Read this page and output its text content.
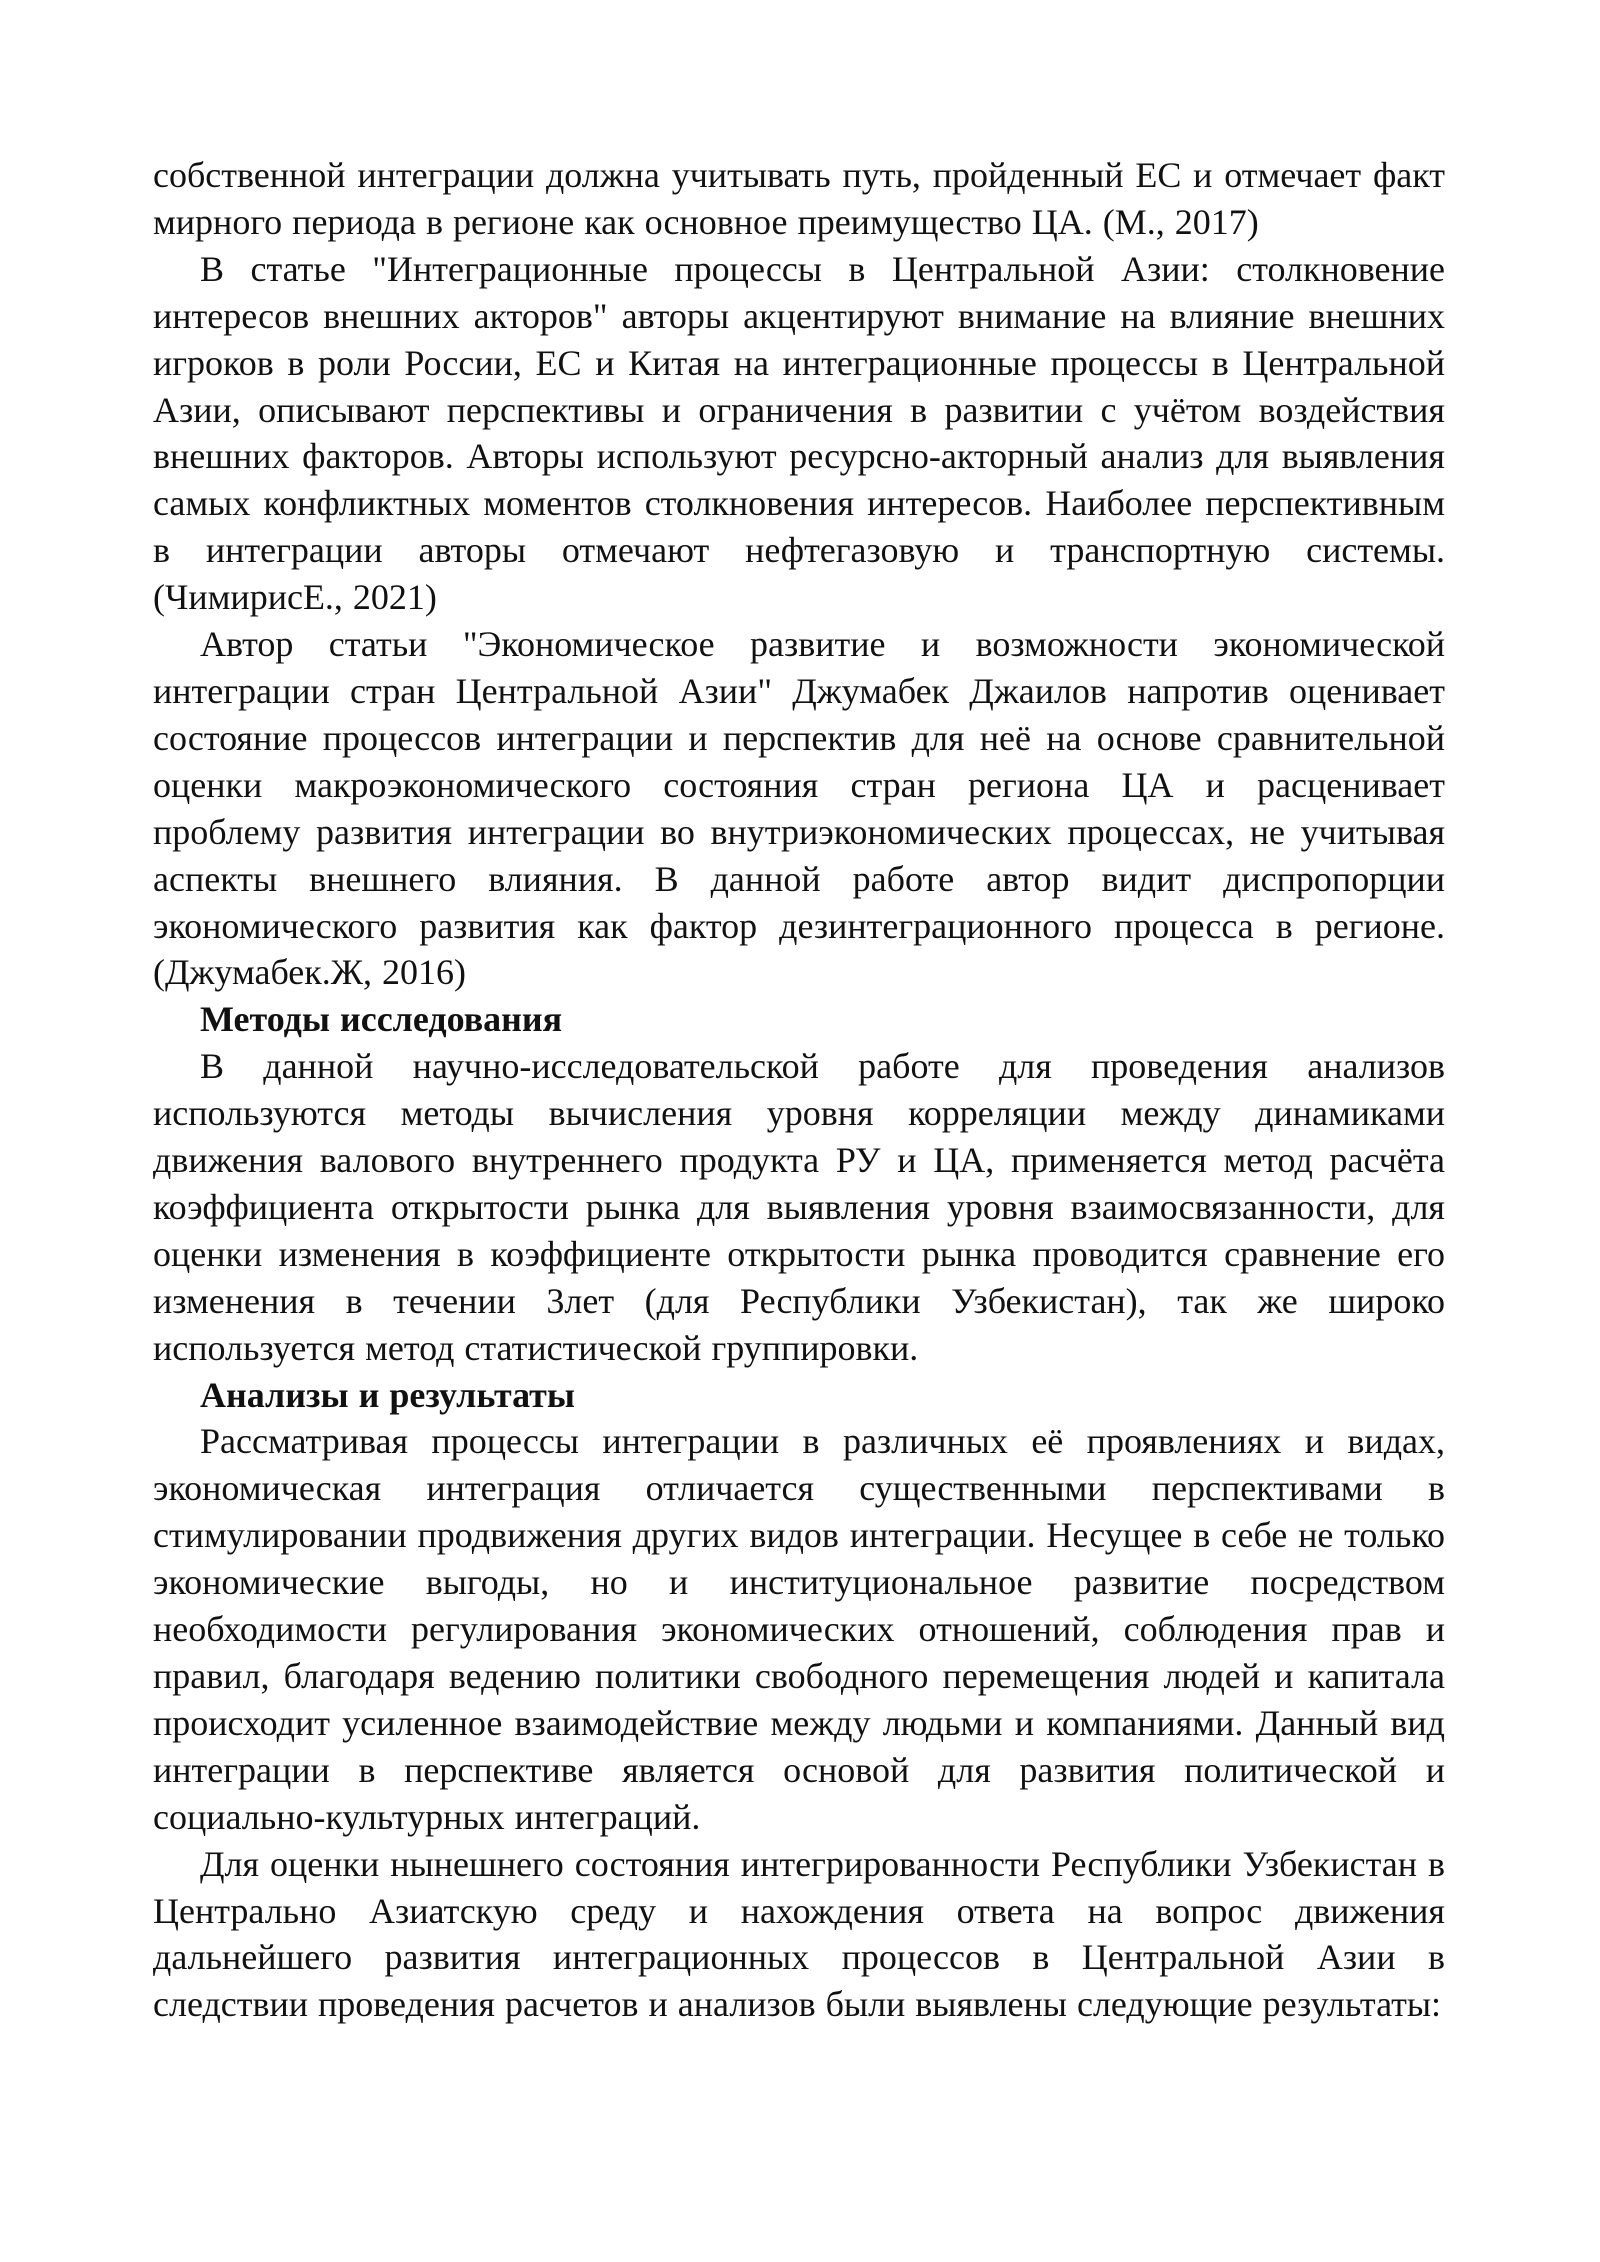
собственной интеграции должна учитывать путь, пройденный ЕС и отмечает факт мирного периода в регионе как основное преимущество ЦА. (М., 2017)

В статье "Интеграционные процессы в Центральной Азии: столкновение интересов внешних акторов" авторы акцентируют внимание на влияние внешних игроков в роли России, ЕС и Китая на интеграционные процессы в Центральной Азии, описывают перспективы и ограничения в развитии с учётом воздействия внешних факторов. Авторы используют ресурсно-акторный анализ для выявления самых конфликтных моментов столкновения интересов. Наиболее перспективным в интеграции авторы отмечают нефтегазовую и транспортную системы. (ЧимирисЕ., 2021)

Автор статьи "Экономическое развитие и возможности экономической интеграции стран Центральной Азии" Джумабек Джаилов напротив оценивает состояние процессов интеграции и перспектив для неё на основе сравнительной оценки макроэкономического состояния стран региона ЦА и расценивает проблему развития интеграции во внутриэкономических процессах, не учитывая аспекты внешнего влияния. В данной работе автор видит диспропорции экономического развития как фактор дезинтеграционного процесса в регионе. (Джумабек.Ж, 2016)

Методы исследования

В данной научно-исследовательской работе для проведения анализов используются методы вычисления уровня корреляции между динамиками движения валового внутреннего продукта РУ и ЦА, применяется метод расчёта коэффициента открытости рынка для выявления уровня взаимосвязанности, для оценки изменения в коэффициенте открытости рынка проводится сравнение его изменения в течении 3лет (для Республики Узбекистан), так же широко используется метод статистической группировки.

Анализы и результаты

Рассматривая процессы интеграции в различных её проявлениях и видах, экономическая интеграция отличается существенными перспективами в стимулировании продвижения других видов интеграции. Несущее в себе не только экономические выгоды, но и институциональное развитие посредством необходимости регулирования экономических отношений, соблюдения прав и правил, благодаря ведению политики свободного перемещения людей и капитала происходит усиленное взаимодействие между людьми и компаниями. Данный вид интеграции в перспективе является основой для развития политической и социально-культурных интеграций.

Для оценки нынешнего состояния интегрированности Республики Узбекистан в Центрально Азиатскую среду и нахождения ответа на вопрос движения дальнейшего развития интеграционных процессов в Центральной Азии в следствии проведения расчетов и анализов были выявлены следующие результаты:
